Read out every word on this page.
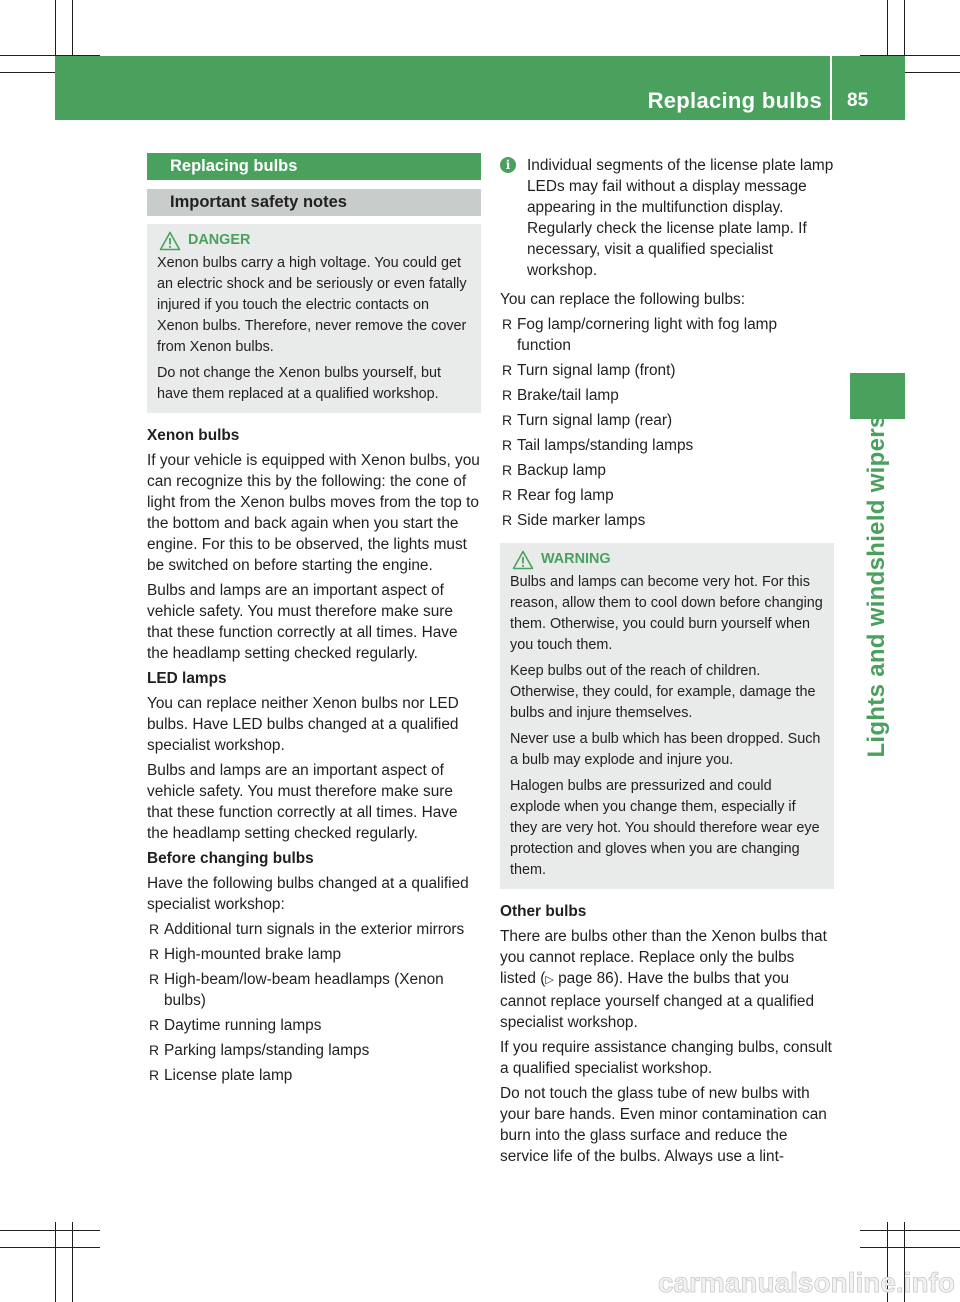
Replacing bulbs 85
Lights and windshield wipers
Replacing bulbs
Important safety notes
DANGER

Xenon bulbs carry a high voltage. You could get an electric shock and be seriously or even fatally injured if you touch the electric contacts on Xenon bulbs. Therefore, never remove the cover from Xenon bulbs.

Do not change the Xenon bulbs yourself, but have them replaced at a qualified workshop.

Xenon bulbs

If your vehicle is equipped with Xenon bulbs, you can recognize this by the following: the cone of light from the Xenon bulbs moves from the top to the bottom and back again when you start the engine. For this to be observed, the lights must be switched on before starting the engine.

Bulbs and lamps are an important aspect of vehicle safety. You must therefore make sure that these function correctly at all times. Have the headlamp setting checked regularly.

LED lamps

You can replace neither Xenon bulbs nor LED bulbs. Have LED bulbs changed at a qualified specialist workshop.

Bulbs and lamps are an important aspect of vehicle safety. You must therefore make sure that these function correctly at all times. Have the headlamp setting checked regularly.

Before changing bulbs

Have the following bulbs changed at a qualified specialist workshop:

R Additional turn signals in the exterior mirrors
R High-mounted brake lamp
R High-beam/low-beam headlamps (Xenon bulbs)
R Daytime running lamps
R Parking lamps/standing lamps
R License plate lamp
i	Individual segments of the license plate lamp LEDs may fail without a display message appearing in the multifunction display. Regularly check the license plate lamp. If necessary, visit a qualified specialist workshop.

You can replace the following bulbs:

R Fog lamp/cornering light with fog lamp function
R Turn signal lamp (front)
R Brake/tail lamp
R Turn signal lamp (rear)
R Tail lamps/standing lamps
R Backup lamp
R Rear fog lamp
R Side marker lamps
WARNING

Bulbs and lamps can become very hot. For this reason, allow them to cool down before changing them. Otherwise, you could burn yourself when you touch them.

Keep bulbs out of the reach of children. Otherwise, they could, for example, damage the bulbs and injure themselves.

Never use a bulb which has been dropped. Such a bulb may explode and injure you.

Halogen bulbs are pressurized and could explode when you change them, especially if they are very hot. You should therefore wear eye protection and gloves when you are changing them.

Other bulbs

There are bulbs other than the Xenon bulbs that you cannot replace. Replace only the bulbs listed (▷ page 86). Have the bulbs that you cannot replace yourself changed at a qualified specialist workshop.

If you require assistance changing bulbs, consult a qualified specialist workshop.

Do not touch the glass tube of new bulbs with your bare hands. Even minor contamination can burn into the glass surface and reduce the service life of the bulbs. Always use a lint-

carmanualsonline.info
